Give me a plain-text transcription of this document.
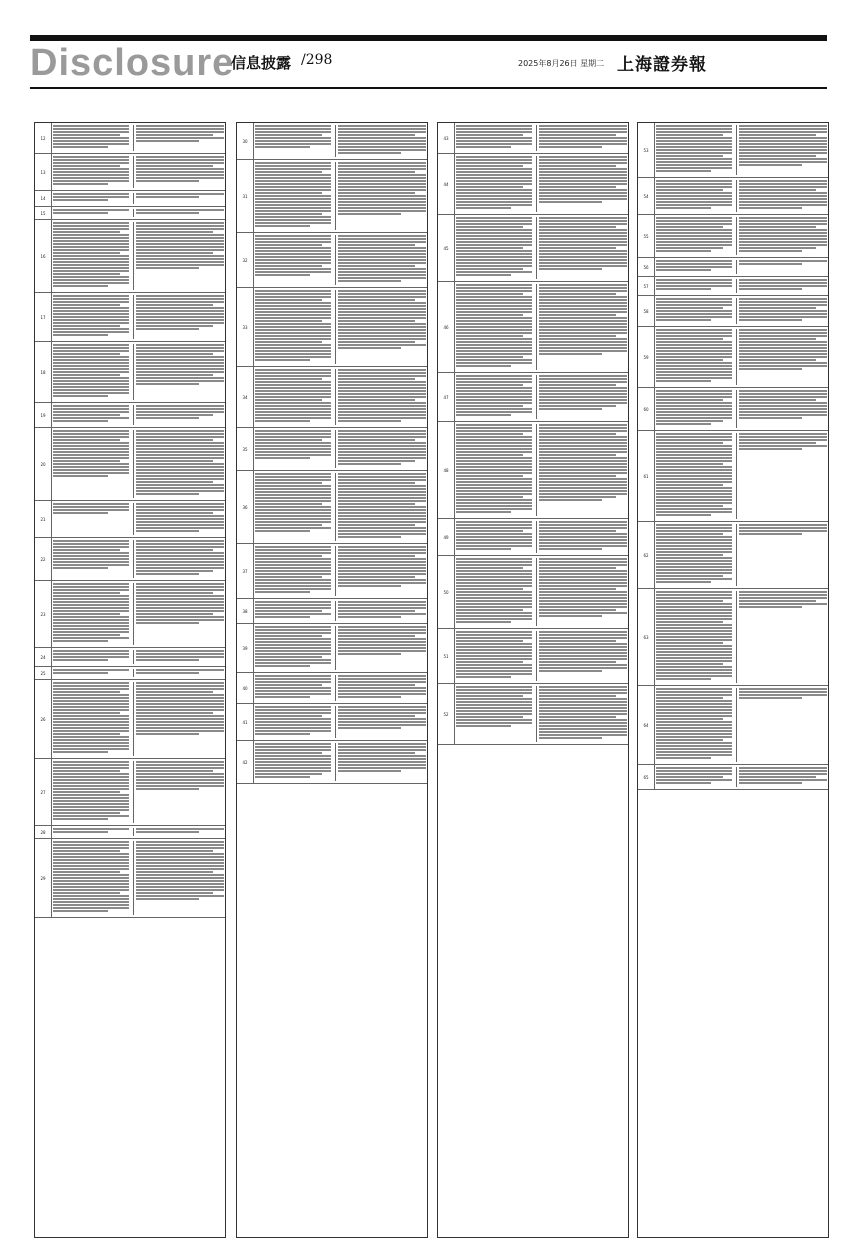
Disclosure
信息披露 /298	2025年8月26日 星期二 上海證券報
12
13
14
15
16
17
18
19
20
21
22
23
24
25
26
27
28
29
30
31
32
33
34
35
36
37
38
39
40
41
42
43
44
45
46
47
48
49
50
51
52
53
54
55
56
57
58
59
60
61
62
63
64
65
